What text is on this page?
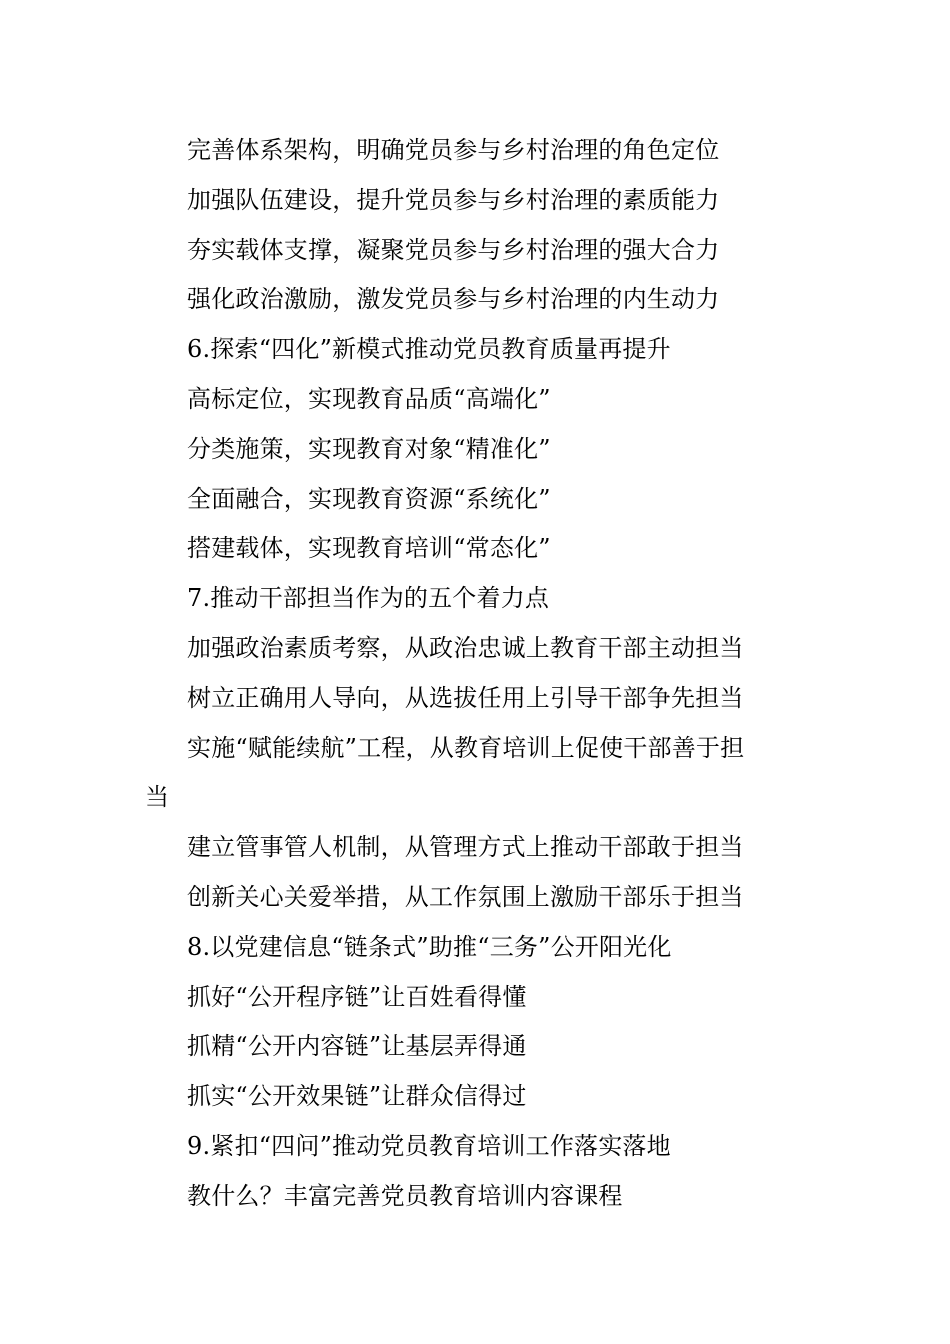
完善体系架构，明确党员参与乡村治理的角色定位
加强队伍建设，提升党员参与乡村治理的素质能力
夯实载体支撑，凝聚党员参与乡村治理的强大合力
强化政治激励，激发党员参与乡村治理的内生动力
6.探索“四化”新模式推动党员教育质量再提升
高标定位，实现教育品质“高端化”
分类施策，实现教育对象“精准化”
全面融合，实现教育资源“系统化”
搭建载体，实现教育培训“常态化”
7.推动干部担当作为的五个着力点
加强政治素质考察，从政治忠诚上教育干部主动担当
树立正确用人导向，从选拔任用上引导干部争先担当
实施“赋能续航”工程，从教育培训上促使干部善于担
当
建立管事管人机制，从管理方式上推动干部敢于担当
创新关心关爱举措，从工作氛围上激励干部乐于担当
8.以党建信息“链条式”助推“三务”公开阳光化
抓好“公开程序链”让百姓看得懂
抓精“公开内容链”让基层弄得通
抓实“公开效果链”让群众信得过
9.紧扣“四问”推动党员教育培训工作落实落地
教什么？丰富完善党员教育培训内容课程
